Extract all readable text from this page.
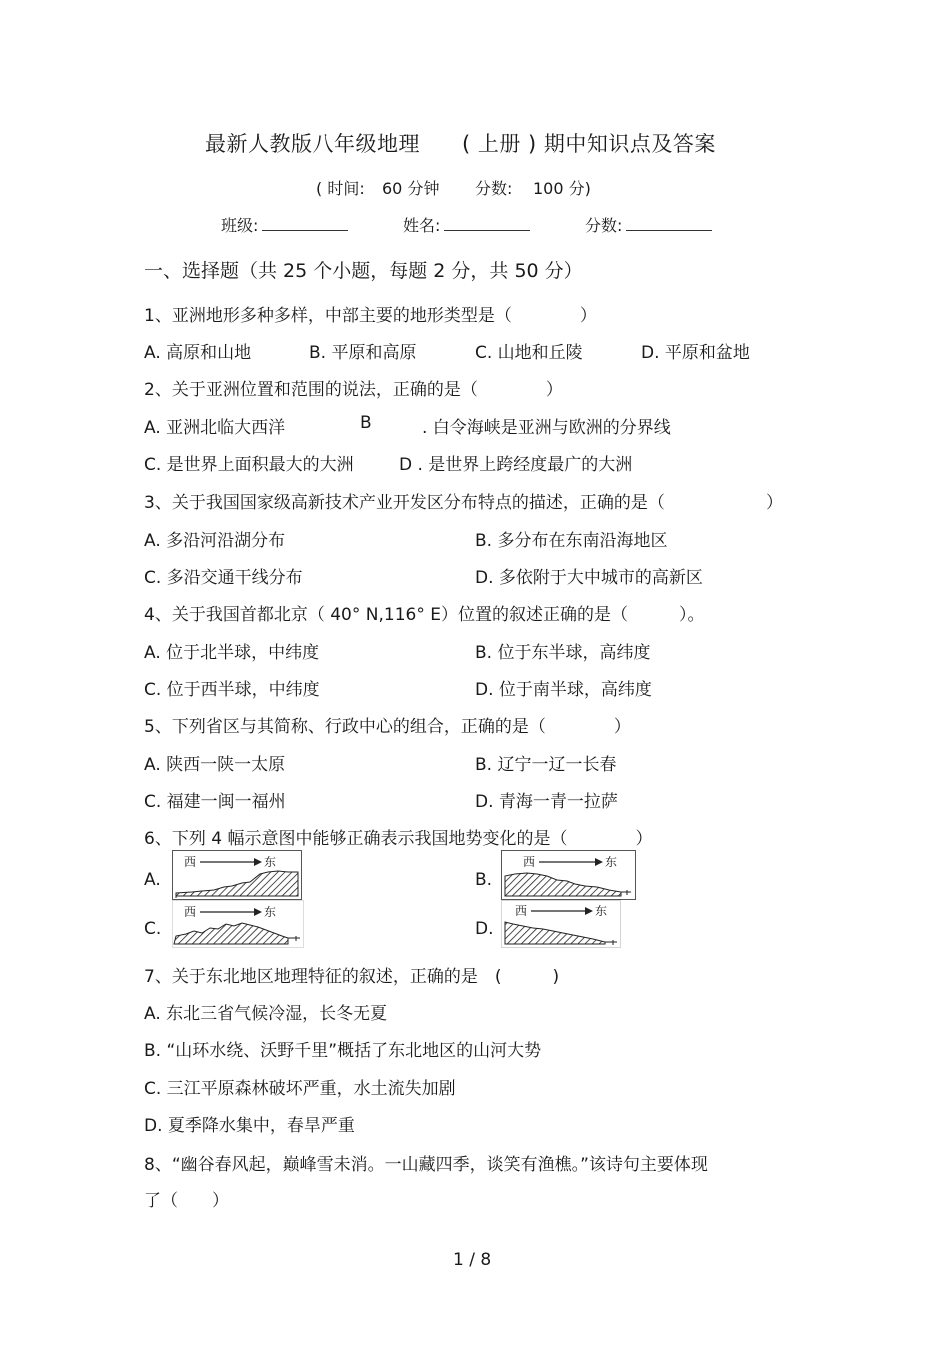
最新人教版八年级地理 ( 上册 ) 期中知识点及答案
( 时间: 60 分钟 分数: 100 分)
班级:	姓名:	分数:
一、选择题（共 25 个小题，每题 2 分，共 50 分）
1、亚洲地形多种多样，中部主要的地形类型是（　　　　）
A. 高原和山地	B. 平原和高原	C. 山地和丘陵	D. 平原和盆地
2、关于亚洲位置和范围的说法，正确的是（　　　　）
A. 亚洲北临大西洋	B	. 白令海峡是亚洲与欧洲的分界线
C. 是世界上面积最大的大洲	D . 是世界上跨经度最广的大洲
3、关于我国国家级高新技术产业开发区分布特点的描述，正确的是（	）
A. 多沿河沿湖分布	B. 多分布在东南沿海地区
C. 多沿交通干线分布	D. 多依附于大中城市的高新区
4、关于我国首都北京（ 40° N,116° E）位置的叙述正确的是（　　　）。
A. 位于北半球，中纬度	B. 位于东半球，高纬度
C. 位于西半球，中纬度	D. 位于南半球，高纬度
5、下列省区与其简称、行政中心的组合，正确的是（　　　　）
A. 陕西一陕一太原	B. 辽宁一辽一长春
C. 福建一闽一福州	D. 青海一青一拉萨
6、下列 4 幅示意图中能够正确表示我国地势变化的是（　　　　）
A.
西	东
B.
西	东
C.
西	东
D.
西	东
7、关于东北地区地理特征的叙述，正确的是　(　　　)
A. 东北三省气候冷湿，长冬无夏
B. “山环水绕、沃野千里”概括了东北地区的山河大势
C. 三江平原森林破坏严重，水土流失加剧
D. 夏季降水集中，春旱严重
8、“幽谷春风起，巅峰雪未消。一山藏四季，谈笑有渔樵。”该诗句主要体现
了（　　）
1 / 8
